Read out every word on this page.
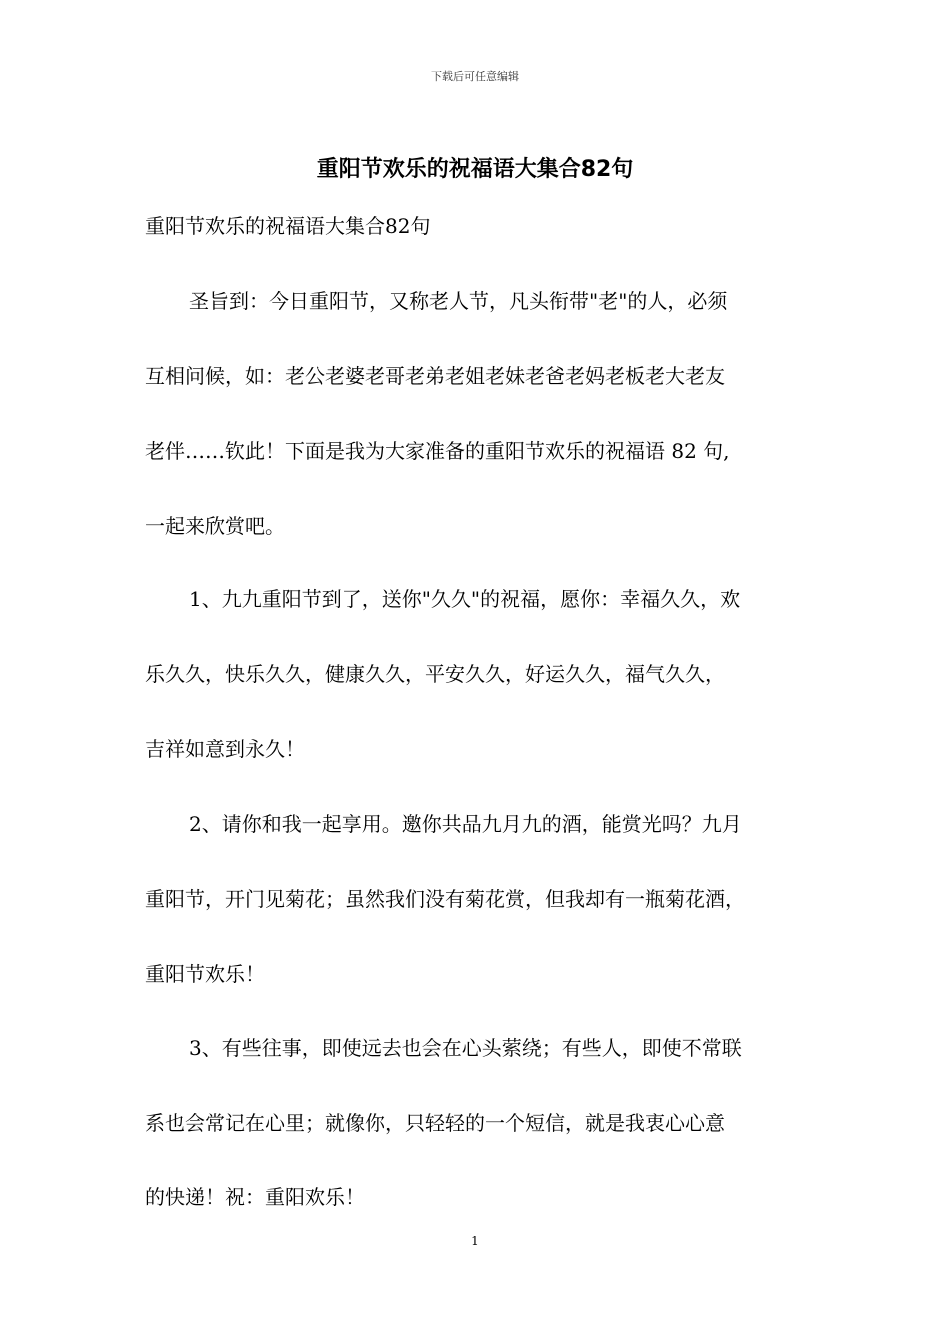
下载后可任意编辑
重阳节欢乐的祝福语大集合82句
重阳节欢乐的祝福语大集合82句
圣旨到：今日重阳节，又称老人节，凡头衔带"老"的人，必须
互相问候，如：老公老婆老哥老弟老姐老妹老爸老妈老板老大老友
老伴……钦此！下面是我为大家准备的重阳节欢乐的祝福语 82 句,
一起来欣赏吧。
1、九九重阳节到了，送你"久久"的祝福，愿你：幸福久久，欢
乐久久，快乐久久，健康久久，平安久久，好运久久，福气久久，
吉祥如意到永久！
2、请你和我一起享用。邀你共品九月九的酒，能赏光吗？九月
重阳节，开门见菊花；虽然我们没有菊花赏，但我却有一瓶菊花酒，
重阳节欢乐！
3、有些往事，即使远去也会在心头萦绕；有些人，即使不常联
系也会常记在心里；就像你，只轻轻的一个短信，就是我衷心心意
的快递！祝：重阳欢乐！
1
